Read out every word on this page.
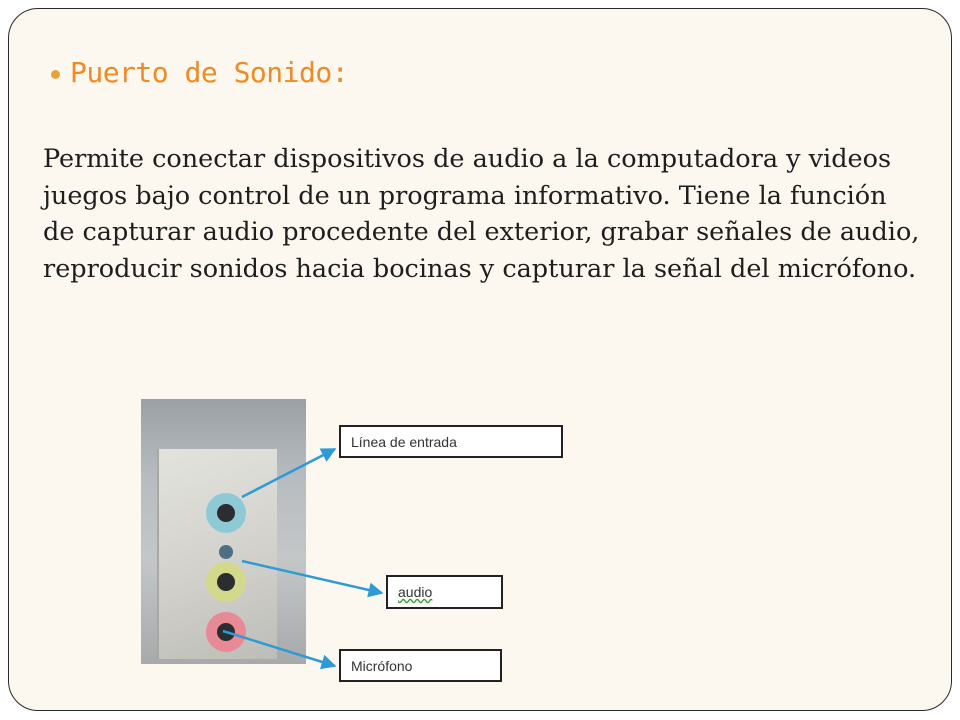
Puerto de Sonido:

Permite conectar dispositivos de audio a la computadora y videos juegos bajo control de un programa informativo. Tiene la función de capturar audio procedente del exterior, grabar señales de audio, reproducir sonidos hacia bocinas y capturar la señal del micrófono.

Línea de entrada
audio
Micrófono
